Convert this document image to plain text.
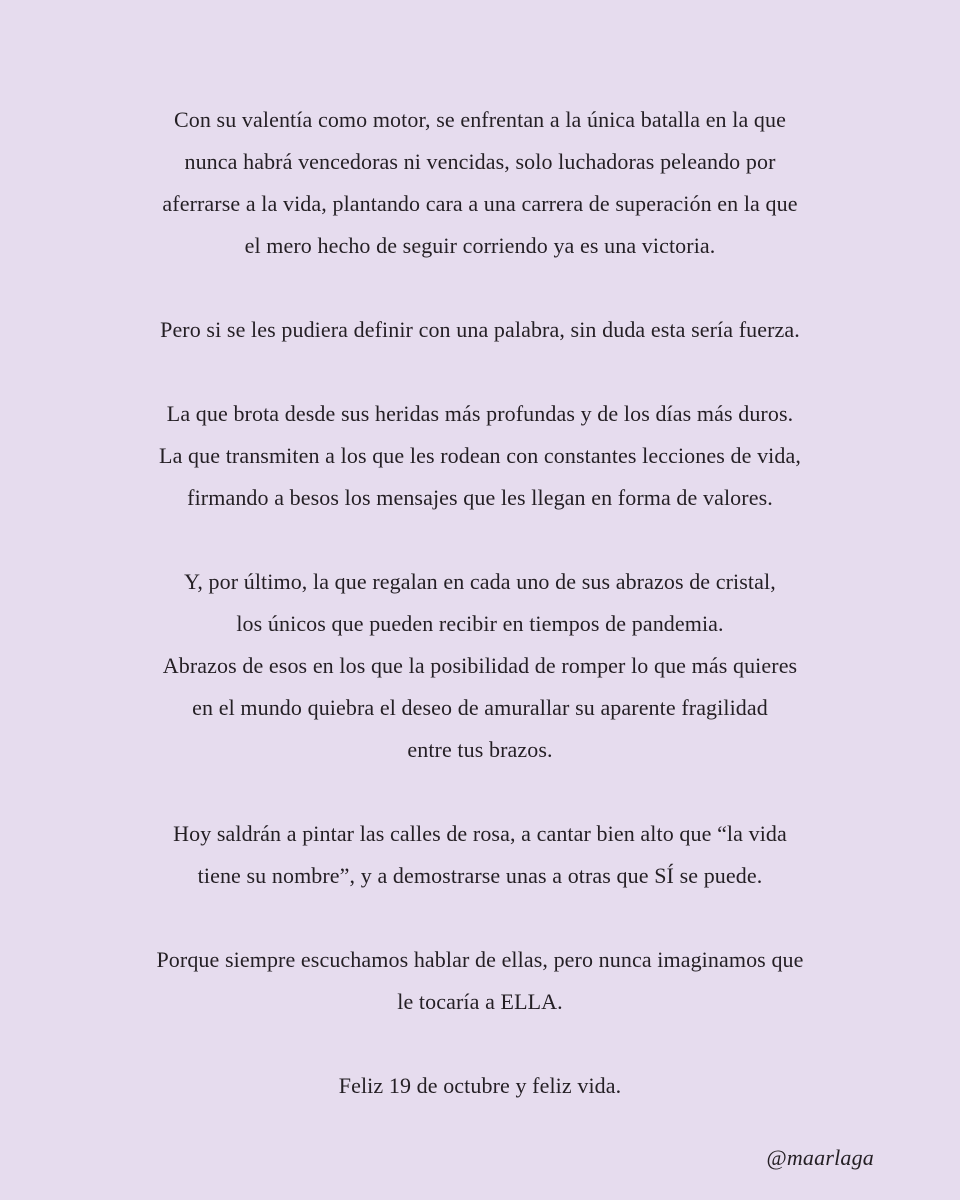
Con su valentía como motor, se enfrentan a la única batalla en la que
nunca habrá vencedoras ni vencidas, solo luchadoras peleando por
aferrarse a la vida, plantando cara a una carrera de superación en la que
el mero hecho de seguir corriendo ya es una victoria.

Pero si se les pudiera definir con una palabra, sin duda esta sería fuerza.

La que brota desde sus heridas más profundas y de los días más duros.
La que transmiten a los que les rodean con constantes lecciones de vida,
firmando a besos los mensajes que les llegan en forma de valores.

Y, por último, la que regalan en cada uno de sus abrazos de cristal,
los únicos que pueden recibir en tiempos de pandemia.
Abrazos de esos en los que la posibilidad de romper lo que más quieres
en el mundo quiebra el deseo de amurallar su aparente fragilidad
entre tus brazos.

Hoy saldrán a pintar las calles de rosa, a cantar bien alto que “la vida
tiene su nombre”, y a demostrarse unas a otras que SÍ se puede.

Porque siempre escuchamos hablar de ellas, pero nunca imaginamos que
le tocaría a ELLA.

Feliz 19 de octubre y feliz vida.

@maarlaga
